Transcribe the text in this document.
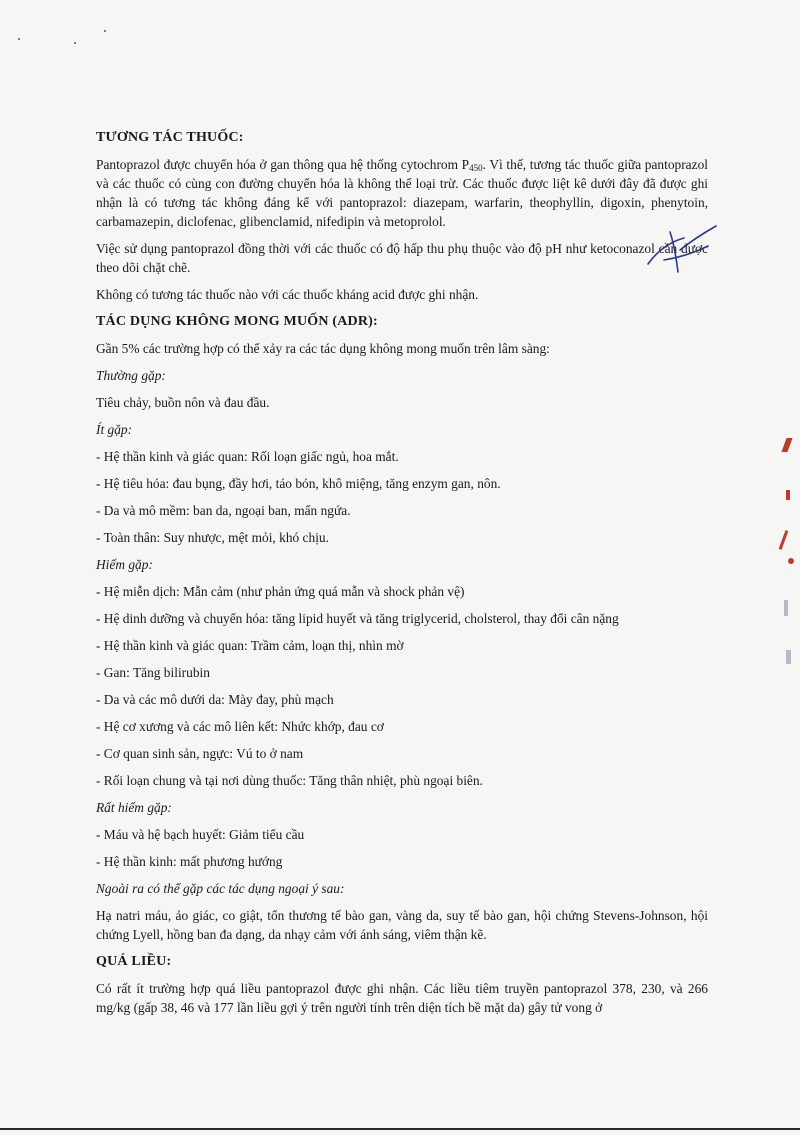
TƯƠNG TÁC THUỐC:

Pantoprazol được chuyển hóa ở gan thông qua hệ thống cytochrom $P_{450}$. Vì thế, tương tác thuốc giữa pantoprazol và các thuốc có cùng con đường chuyển hóa là không thể loại trừ. Các thuốc được liệt kê dưới đây đã được ghi nhận là có tương tác không đáng kể với pantoprazol: diazepam, warfarin, theophyllin, digoxin, phenytoin, carbamazepin, diclofenac, glibenclamid, nifedipin và metoprolol.

Việc sử dụng pantoprazol đồng thời với các thuốc có độ hấp thu phụ thuộc vào độ pH như ketoconazol cần được theo dõi chặt chẽ.

Không có tương tác thuốc nào với các thuốc kháng acid được ghi nhận.

TÁC DỤNG KHÔNG MONG MUỐN (ADR):

Gần 5% các trường hợp có thể xảy ra các tác dụng không mong muốn trên lâm sàng:

Thường gặp:

Tiêu chảy, buồn nôn và đau đầu.

Ít gặp:

- Hệ thần kinh và giác quan: Rối loạn giấc ngủ, hoa mắt.

- Hệ tiêu hóa: đau bụng, đầy hơi, táo bón, khô miệng, tăng enzym gan, nôn.

- Da và mô mềm: ban da, ngoại ban, mẩn ngứa.

- Toàn thân: Suy nhược, mệt mỏi, khó chịu.

Hiếm gặp:

- Hệ miễn dịch: Mẫn cảm (như phản ứng quá mẫn và shock phản vệ)

- Hệ dinh dưỡng và chuyển hóa: tăng lipid huyết và tăng triglycerid, cholsterol, thay đổi cân nặng

- Hệ thần kinh và giác quan: Trầm cảm, loạn thị, nhìn mờ

- Gan: Tăng bilirubin

- Da và các mô dưới da: Mày đay, phù mạch

- Hệ cơ xương và các mô liên kết: Nhức khớp, đau cơ

- Cơ quan sinh sản, ngực: Vú to ở nam

- Rối loạn chung và tại nơi dùng thuốc: Tăng thân nhiệt, phù ngoại biên.

Rất hiếm gặp:

- Máu và hệ bạch huyết: Giảm tiểu cầu

- Hệ thần kinh: mất phương hướng

Ngoài ra có thể gặp các tác dụng ngoại ý sau:

Hạ natri máu, ảo giác, co giật, tổn thương tế bào gan, vàng da, suy tế bào gan, hội chứng Stevens-Johnson, hội chứng Lyell, hồng ban đa dạng, da nhạy cảm với ánh sáng, viêm thận kẽ.

QUÁ LIỀU:

Có rất ít trường hợp quá liều pantoprazol được ghi nhận. Các liều tiêm truyền pantoprazol 378, 230, và 266 mg/kg (gấp 38, 46 và 177 lần liều gợi ý trên người tính trên diện tích bề mặt da) gây tử vong ở
